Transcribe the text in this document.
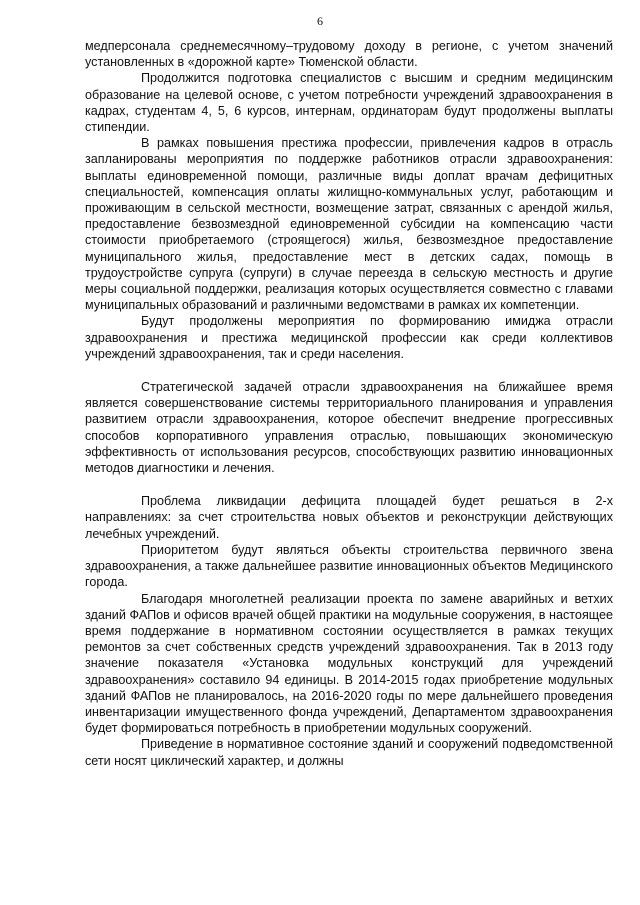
6

медперсонала среднемесячному–трудовому доходу в регионе, с учетом значений установленных в «дорожной карте» Тюменской области.

Продолжится подготовка специалистов с высшим и средним медицинским образование на целевой основе, с учетом потребности учреждений здравоохранения в кадрах, студентам 4, 5, 6 курсов, интернам, ординаторам будут продолжены выплаты стипендии.

В рамках повышения престижа профессии, привлечения кадров в отрасль запланированы мероприятия по поддержке работников отрасли здравоохранения: выплаты единовременной помощи, различные виды доплат врачам дефицитных специальностей, компенсация оплаты жилищно-коммунальных услуг, работающим и проживающим в сельской местности, возмещение затрат, связанных с арендой жилья, предоставление безвозмездной единовременной субсидии на компенсацию части стоимости приобретаемого (строящегося) жилья, безвозмездное предоставление муниципального жилья, предоставление мест в детских садах, помощь в трудоустройстве супруга (супруги) в случае переезда в сельскую местность и другие меры социальной поддержки, реализация которых осуществляется совместно с главами муниципальных образований и различными ведомствами в рамках их компетенции.

Будут продолжены мероприятия по формированию имиджа отрасли здравоохранения и престижа медицинской профессии как среди коллективов учреждений здравоохранения, так и среди населения.

Стратегической задачей отрасли здравоохранения на ближайшее время является совершенствование системы территориального планирования и управления развитием отрасли здравоохранения, которое обеспечит внедрение прогрессивных способов корпоративного управления отраслью, повышающих экономическую эффективность от использования ресурсов, способствующих развитию инновационных методов диагностики и лечения.

Проблема ликвидации дефицита площадей будет решаться в 2-х направлениях: за счет строительства новых объектов и реконструкции действующих лечебных учреждений.

Приоритетом будут являться объекты строительства первичного звена здравоохранения, а также дальнейшее развитие инновационных объектов Медицинского города.

Благодаря многолетней реализации проекта по замене аварийных и ветхих зданий ФАПов и офисов врачей общей практики на модульные сооружения, в настоящее время поддержание в нормативном состоянии осуществляется в рамках текущих ремонтов за счет собственных средств учреждений здравоохранения. Так в 2013 году значение показателя «Установка модульных конструкций для учреждений здравоохранения» составило 94 единицы. В 2014-2015 годах приобретение модульных зданий ФАПов не планировалось, на 2016-2020 годы по мере дальнейшего проведения инвентаризации имущественного фонда учреждений, Департаментом здравоохранения будет формироваться потребность в приобретении модульных сооружений.

Приведение в нормативное состояние зданий и сооружений подведомственной сети носят циклический характер, и должны
